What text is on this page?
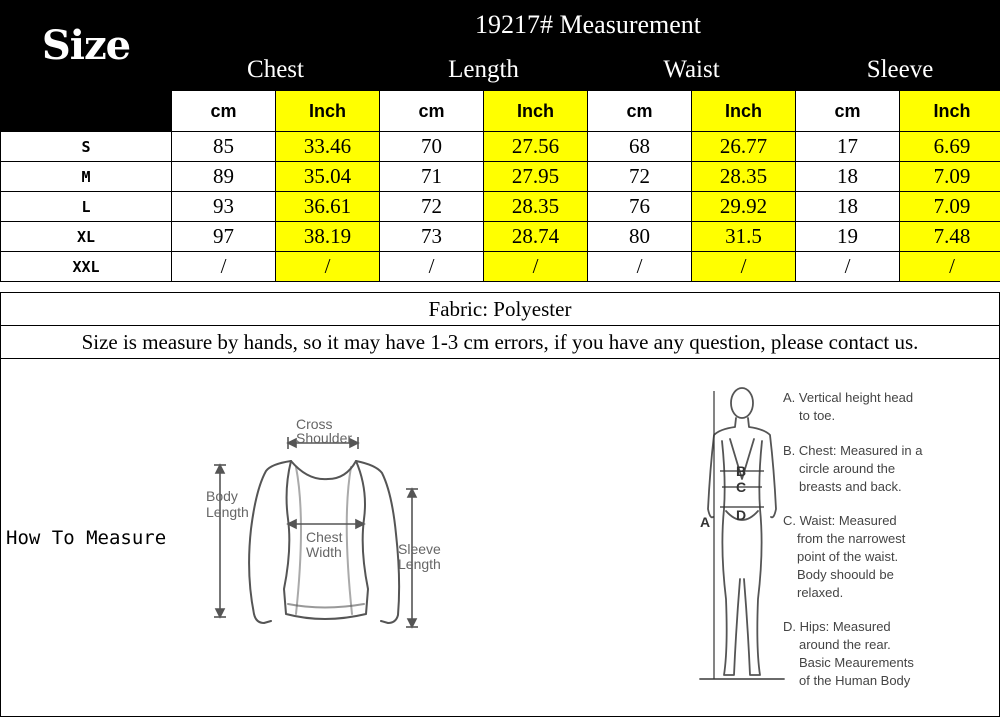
Size	19217# Measurement							
	Chest		Length		Waist		Sleeve	
	cm	Inch	cm	Inch	cm	Inch	cm	Inch
S	85	33.46	70	27.56	68	26.77	17	6.69
M	89	35.04	71	27.95	72	28.35	18	7.09
L	93	36.61	72	28.35	76	29.92	18	7.09
XL	97	38.19	73	28.74	80	31.5	19	7.48
XXL	/	/	/	/	/	/	/	/
Fabric: Polyester
Size is measure by hands, so it may have 1-3 cm errors, if you have any question, please contact us.
How To Measure
Cross
Shoulder
Body
Length
Chest
Width	Sleeve
Length
A
B
C
D
A. Vertical height head
to toe.
B. Chest: Measured in a
circle around the
breasts and back.
C. Waist: Measured
from the narrowest
point of the waist.
Body shoould be
relaxed.
D. Hips: Measured
around the rear.
Basic Meaurements
of the Human Body
